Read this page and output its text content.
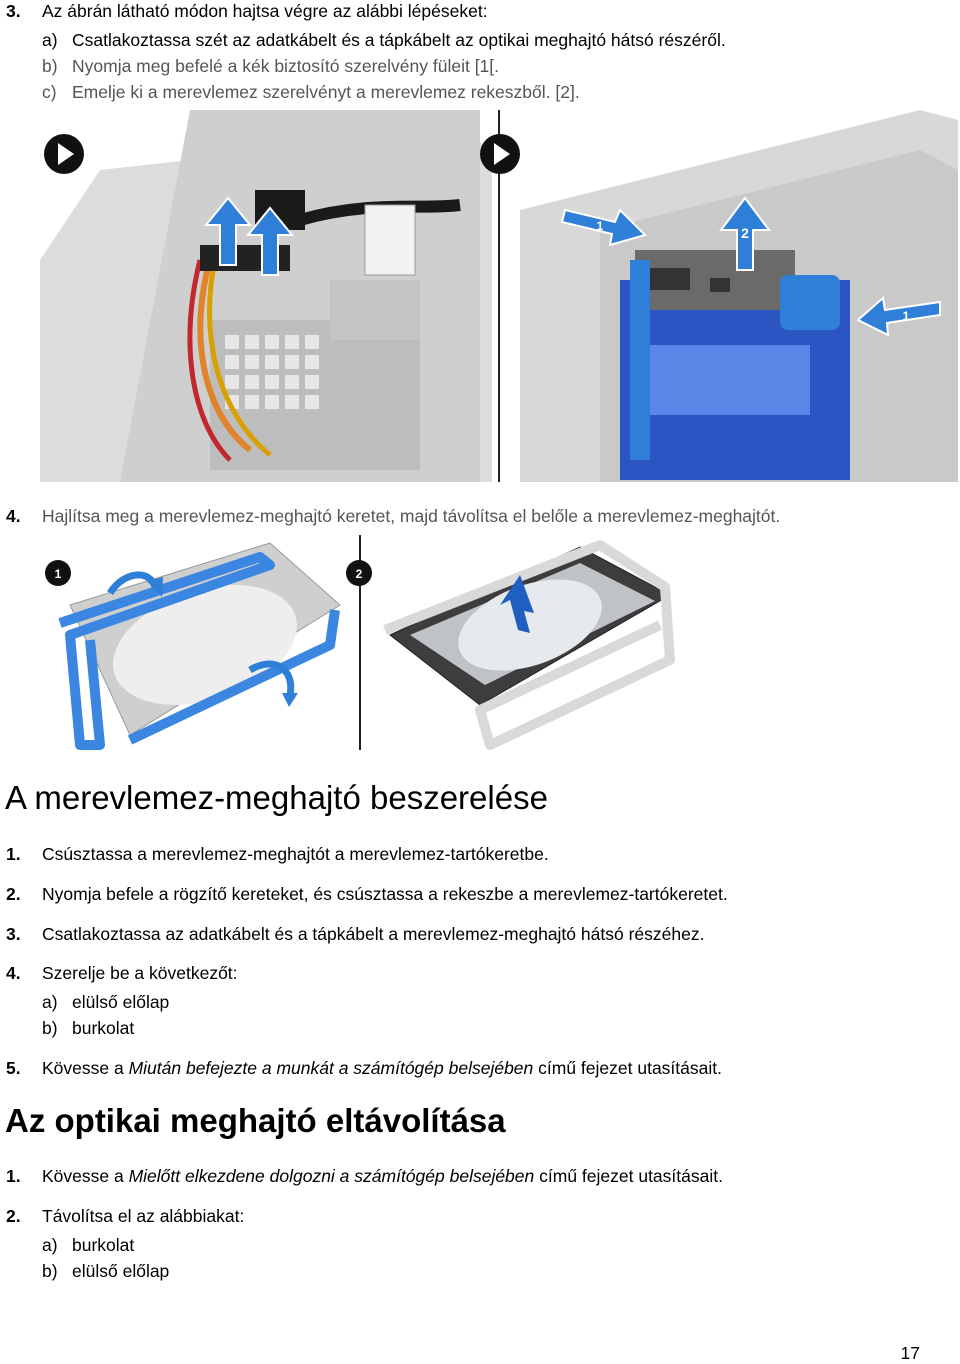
3. Az ábrán látható módon hajtsa végre az alábbi lépéseket:
a) Csatlakoztassa szét az adatkábelt és a tápkábelt az optikai meghajtó hátsó részéről.
b) Nyomja meg befelé a kék biztosító szerelvény füleit [1[.
c) Emelje ki a merevlemez szerelvényt a merevlemez rekeszből. [2].
2
1
1
4. Hajlítsa meg a merevlemez-meghajtó keretet, majd távolítsa el belőle a merevlemez-meghajtót.
1	2
A merevlemez-meghajtó beszerelése
1. Csúsztassa a merevlemez-meghajtót a merevlemez-tartókeretbe.
2. Nyomja befele a rögzítő kereteket, és csúsztassa a rekeszbe a merevlemez-tartókeretet.
3. Csatlakoztassa az adatkábelt és a tápkábelt a merevlemez-meghajtó hátsó részéhez.
4. Szerelje be a következőt:
a) elülső előlap
b) burkolat
5. Kövesse a Miután befejezte a munkát a számítógép belsejében című fejezet utasításait.
Az optikai meghajtó eltávolítása
1. Kövesse a Mielőtt elkezdene dolgozni a számítógép belsejében című fejezet utasításait.
2. Távolítsa el az alábbiakat:
a) burkolat
b) elülső előlap
17
